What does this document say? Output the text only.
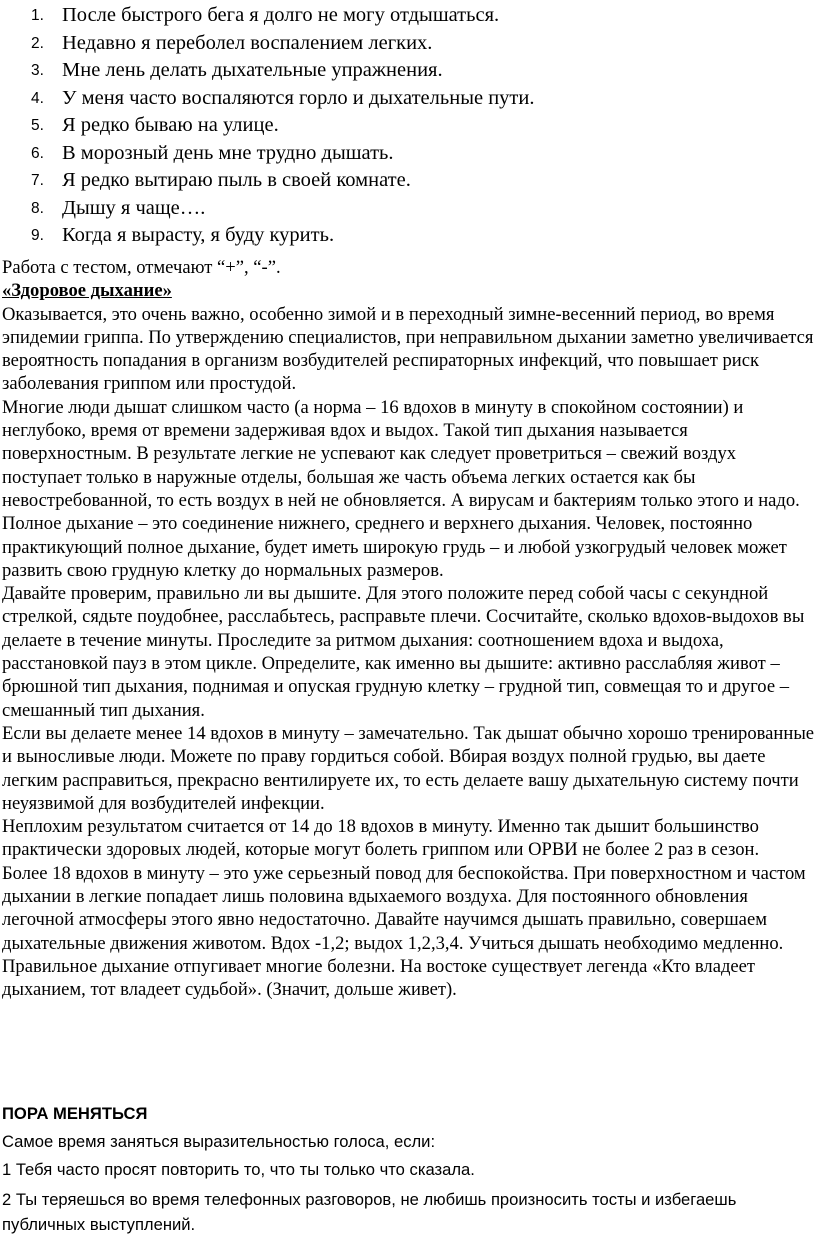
1. После быстрого бега я долго не могу отдышаться.
2. Недавно я переболел воспалением легких.
3. Мне лень делать дыхательные упражнения.
4. У меня часто воспаляются горло и дыхательные пути.
5. Я редко бываю на улице.
6. В морозный день мне трудно дышать.
7. Я редко вытираю пыль в своей комнате.
8. Дышу я чаще….
9. Когда я вырасту, я буду курить.

Работа с тестом, отмечают “+”, “-”.

«Здоровое дыхание»

Оказывается, это очень важно, особенно зимой и в переходный зимне-весенний период, во время эпидемии гриппа. По утверждению специалистов, при неправильном дыхании заметно увеличивается вероятность попадания в организм возбудителей респираторных инфекций, что повышает риск заболевания гриппом или простудой.

Многие люди дышат слишком часто (а норма – 16 вдохов в минуту в спокойном состоянии) и неглубоко, время от времени задерживая вдох и выдох. Такой тип дыхания называется поверхностным. В результате легкие не успевают как следует проветриться – свежий воздух поступает только в наружные отделы, большая же часть объема легких остается как бы невостребованной, то есть воздух в ней не обновляется. А вирусам и бактериям только этого и надо.

Полное дыхание – это соединение нижнего, среднего и верхнего дыхания. Человек, постоянно практикующий полное дыхание, будет иметь широкую грудь – и любой узкогрудый человек может развить свою грудную клетку до нормальных размеров.

Давайте проверим, правильно ли вы дышите. Для этого положите перед собой часы с секундной стрелкой, сядьте поудобнее, расслабьтесь, расправьте плечи. Сосчитайте, сколько вдохов-выдохов вы делаете в течение минуты. Проследите за ритмом дыхания: соотношением вдоха и выдоха, расстановкой пауз в этом цикле. Определите, как именно вы дышите: активно расслабляя живот – брюшной тип дыхания, поднимая и опуская грудную клетку – грудной тип, совмещая то и другое – смешанный тип дыхания.

Если вы делаете менее 14 вдохов в минуту – замечательно. Так дышат обычно хорошо тренированные и выносливые люди. Можете по праву гордиться собой. Вбирая воздух полной грудью, вы даете легким расправиться, прекрасно вентилируете их, то есть делаете вашу дыхательную систему почти неуязвимой для возбудителей инфекции.

Неплохим результатом считается от 14 до 18 вдохов в минуту. Именно так дышит большинство практически здоровых людей, которые могут болеть гриппом или ОРВИ не более 2 раз в сезон.

Более 18 вдохов в минуту – это уже серьезный повод для беспокойства. При поверхностном и частом дыхании в легкие попадает лишь половина вдыхаемого воздуха. Для постоянного обновления легочной атмосферы этого явно недостаточно. Давайте научимся дышать правильно, совершаем дыхательные движения животом. Вдох -1,2; выдох 1,2,3,4. Учиться дышать необходимо медленно. Правильное дыхание отпугивает многие болезни. На востоке существует легенда «Кто владеет дыханием, тот владеет судьбой». (Значит, дольше живет).

ПОРА МЕНЯТЬСЯ

Самое время заняться выразительностью голоса, если:

1 Тебя часто просят повторить то, что ты только что сказала.

2 Ты теряешься во время телефонных разговоров, не любишь произносить тосты и избегаешь публичных выступлений.
